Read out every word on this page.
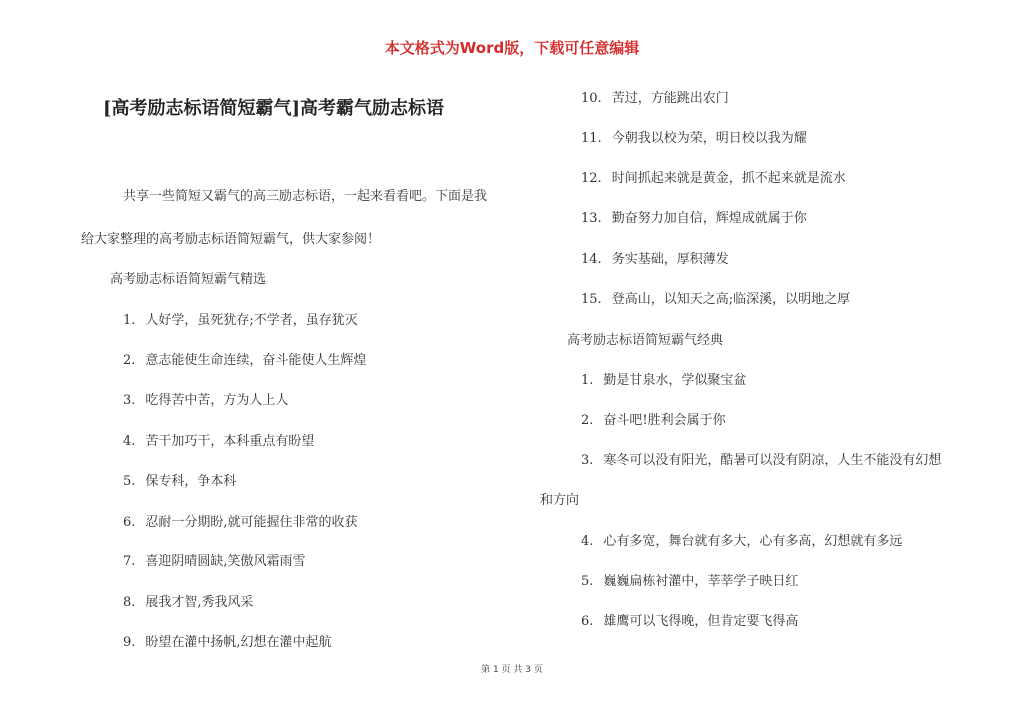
本文格式为Word版，下载可任意编辑
[高考励志标语简短霸气]高考霸气励志标语
共享一些简短又霸气的高三励志标语，一起来看看吧。下面是我
给大家整理的高考励志标语简短霸气，供大家参阅！
高考励志标语简短霸气精选
1. 人好学，虽死犹存;不学者，虽存犹灭
2. 意志能使生命连续，奋斗能使人生辉煌
3. 吃得苦中苦，方为人上人
4. 苦干加巧干，本科重点有盼望
5. 保专科，争本科
6. 忍耐一分期盼,就可能握住非常的收获
7. 喜迎阴晴圆缺,笑傲风霜雨雪
8. 展我才智,秀我风采
9. 盼望在灌中扬帆,幻想在灌中起航
10. 苦过，方能跳出农门
11. 今朝我以校为荣，明日校以我为耀
12. 时间抓起来就是黄金，抓不起来就是流水
13. 勤奋努力加自信，辉煌成就属于你
14. 务实基础，厚积薄发
15. 登高山，以知天之高;临深溪，以明地之厚
高考励志标语简短霸气经典
1. 勤是甘泉水，学似聚宝盆
2. 奋斗吧!胜利会属于你
3. 寒冬可以没有阳光，酷暑可以没有阴凉，人生不能没有幻想
和方向
4. 心有多宽，舞台就有多大，心有多高，幻想就有多远
5. 巍巍扁栋衬灌中，莘莘学子映日红
6. 雄鹰可以飞得晚，但肯定要飞得高
第 1 页 共 3 页
